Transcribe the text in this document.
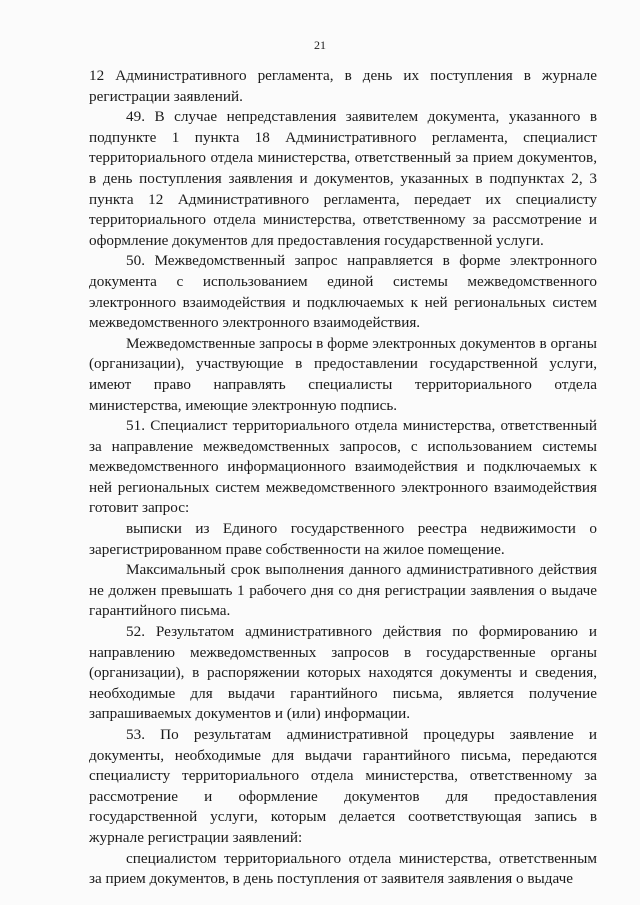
21

12 Административного регламента, в день их поступления в журнале регистрации заявлений.

49. В случае непредставления заявителем документа, указанного в подпункте 1 пункта 18 Административного регламента, специалист территориального отдела министерства, ответственный за прием документов, в день поступления заявления и документов, указанных в подпунктах 2, 3 пункта 12 Административного регламента, передает их специалисту территориального отдела министерства, ответственному за рассмотрение и оформление документов для предоставления государственной услуги.

50. Межведомственный запрос направляется в форме электронного документа с использованием единой системы межведомственного электронного взаимодействия и подключаемых к ней региональных систем межведомственного электронного взаимодействия.

Межведомственные запросы в форме электронных документов в органы (организации), участвующие в предоставлении государственной услуги, имеют право направлять специалисты территориального отдела министерства, имеющие электронную подпись.

51. Специалист территориального отдела министерства, ответственный за направление межведомственных запросов, с использованием системы межведомственного информационного взаимодействия и подключаемых к ней региональных систем межведомственного электронного взаимодействия готовит запрос:

выписки из Единого государственного реестра недвижимости о зарегистрированном праве собственности на жилое помещение.

Максимальный срок выполнения данного административного действия не должен превышать 1 рабочего дня со дня регистрации заявления о выдаче гарантийного письма.

52. Результатом административного действия по формированию и направлению межведомственных запросов в государственные органы (организации), в распоряжении которых находятся документы и сведения, необходимые для выдачи гарантийного письма, является получение запрашиваемых документов и (или) информации.

53. По результатам административной процедуры заявление и документы, необходимые для выдачи гарантийного письма, передаются специалисту территориального отдела министерства, ответственному за рассмотрение и оформление документов для предоставления государственной услуги, которым делается соответствующая запись в журнале регистрации заявлений:

специалистом территориального отдела министерства, ответственным за прием документов, в день поступления от заявителя заявления о выдаче
